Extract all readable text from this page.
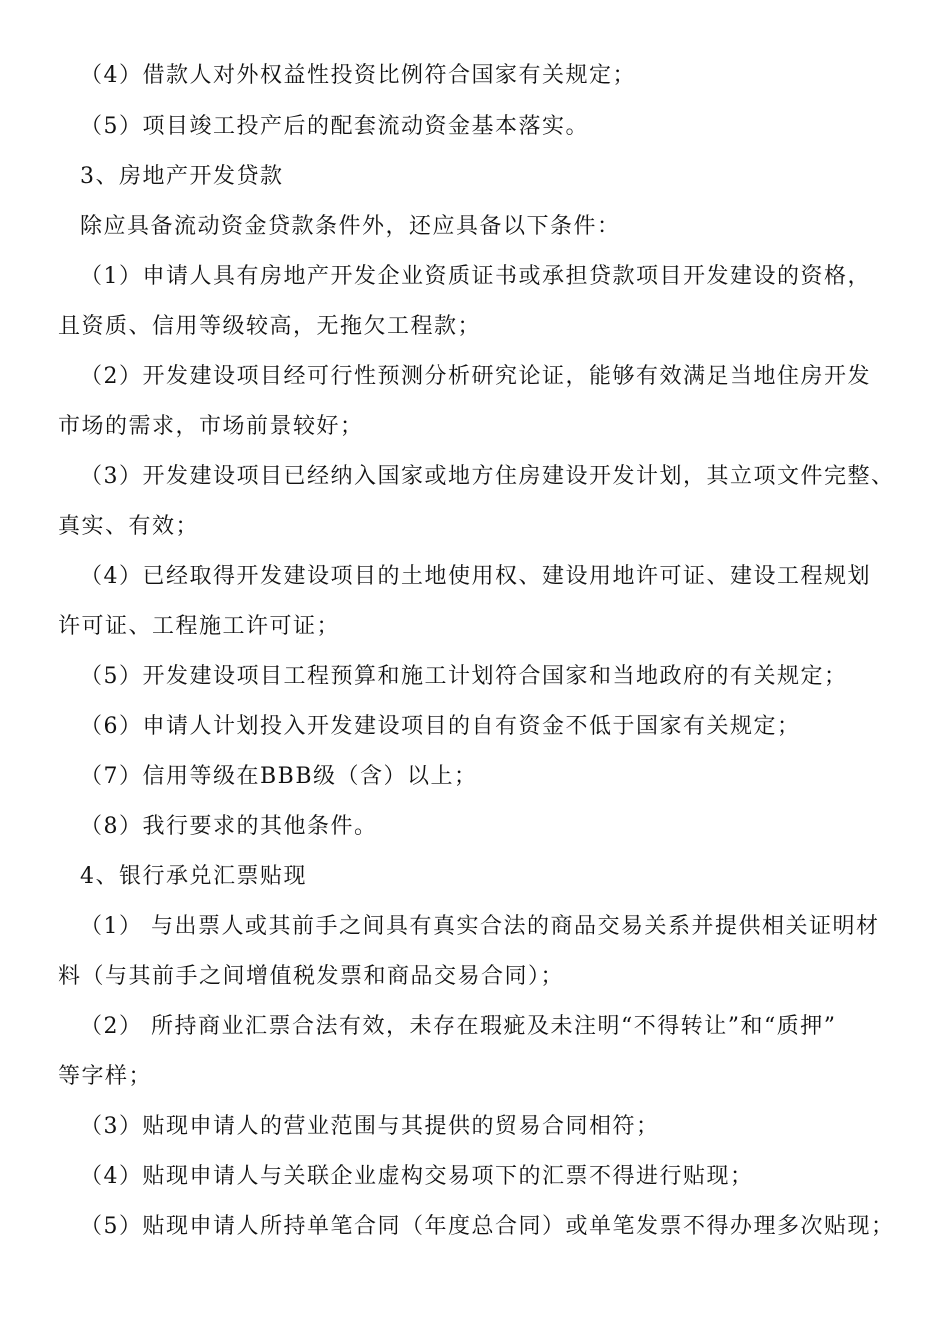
（4）借款人对外权益性投资比例符合国家有关规定；
（5）项目竣工投产后的配套流动资金基本落实。
3、房地产开发贷款
除应具备流动资金贷款条件外，还应具备以下条件：
（1）申请人具有房地产开发企业资质证书或承担贷款项目开发建设的资格，
且资质、信用等级较高，无拖欠工程款；
（2）开发建设项目经可行性预测分析研究论证，能够有效满足当地住房开发
市场的需求，市场前景较好；
（3）开发建设项目已经纳入国家或地方住房建设开发计划，其立项文件完整、
真实、有效；
（4）已经取得开发建设项目的土地使用权、建设用地许可证、建设工程规划
许可证、工程施工许可证；
（5）开发建设项目工程预算和施工计划符合国家和当地政府的有关规定；
（6）申请人计划投入开发建设项目的自有资金不低于国家有关规定；
（7）信用等级在BBB级（含）以上；
（8）我行要求的其他条件。
4、银行承兑汇票贴现
（1） 与出票人或其前手之间具有真实合法的商品交易关系并提供相关证明材
料（与其前手之间增值税发票和商品交易合同）；
（2） 所持商业汇票合法有效，未存在瑕疵及未注明“不得转让”和“质押”
等字样；
（3）贴现申请人的营业范围与其提供的贸易合同相符；
（4）贴现申请人与关联企业虚构交易项下的汇票不得进行贴现；
（5）贴现申请人所持单笔合同（年度总合同）或单笔发票不得办理多次贴现；
